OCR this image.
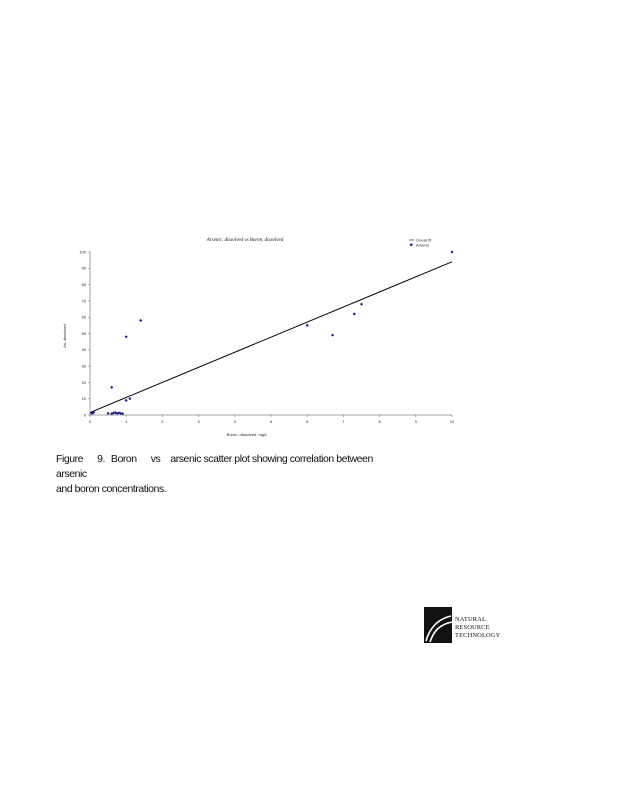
0	1	2	3	4	5	6	7	8	9	10
0
10
20
30
40
50
60
70
80
90
100
Arsenic, dissolved vs Boron, dissolved
Boron, dissolved, mg/L
As, dissolved
Linear fit
Arsenic

Figure 9. Boron vs arsenic scatter plot showing correlation between arsenic
and boron concentrations.

NATURAL
RESOURCE
TECHNOLOGY
